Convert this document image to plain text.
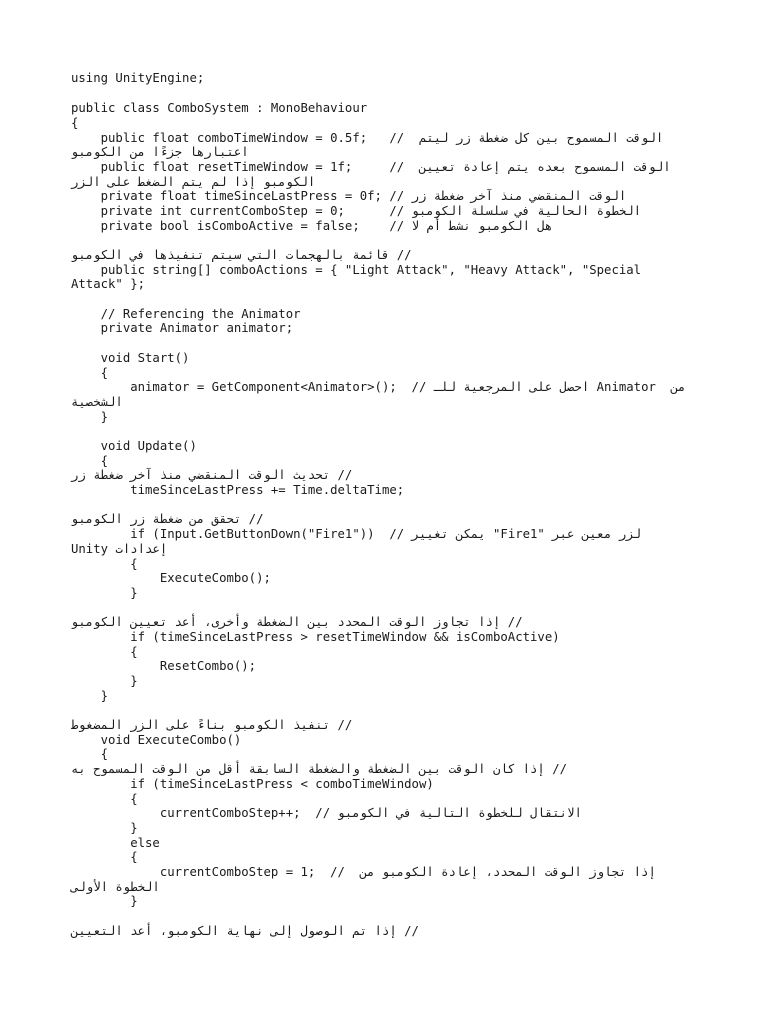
using UnityEngine;
public class ComboSystem : MonoBehaviour
{
public float comboTimeWindow = 0.5f;   //  الوقت المسموح بين كل ضغطة زر ليتم
اعتبارها جزءًا من الكومبو
public float resetTimeWindow = 1f;     //  الوقت المسموح بعده يتم إعادة تعيين
الكومبو إذا لم يتم الضغط على الزر
private float timeSinceLastPress = 0f; // الوقت المنقضي منذ آخر ضغطة زر
private int currentComboStep = 0;      // الخطوة الحالية في سلسلة الكومبو
private bool isComboActive = false;    // هل الكومبو نشط أم لا
// قائمة بالهجمات التي سيتم تنفيذها في الكومبو
public string[] comboActions = { "Light Attack", "Heavy Attack", "Special
Attack" };
// Referencing the Animator
private Animator animator;
void Start()
{
animator = GetComponent<Animator>();  // احصل على المرجعية للـ Animator  من
الشخصية
}
void Update()
{
// تحديث الوقت المنقضي منذ آخر ضغطة زر
timeSinceLastPress += Time.deltaTime;
// تحقق من ضغطة زر الكومبو
if (Input.GetButtonDown("Fire1"))  // يمكن تغيير "Fire1" لزر معين عبر
إعدادات Unity
{
ExecuteCombo();
}
// إذا تجاوز الوقت المحدد بين الضغطة وأخرى، أعد تعيين الكومبو
if (timeSinceLastPress > resetTimeWindow && isComboActive)
{
ResetCombo();
}
}
// تنفيذ الكومبو بناءً على الزر المضغوط
void ExecuteCombo()
{
// إذا كان الوقت بين الضغطة والضغطة السابقة أقل من الوقت المسموح به
if (timeSinceLastPress < comboTimeWindow)
{
currentComboStep++;  // الانتقال للخطوة التالية في الكومبو
}
else
{
currentComboStep = 1;  //  إذا تجاوز الوقت المحدد، إعادة الكومبو من
الخطوة الأولى
}
// إذا تم الوصول إلى نهاية الكومبو، أعد التعيين
